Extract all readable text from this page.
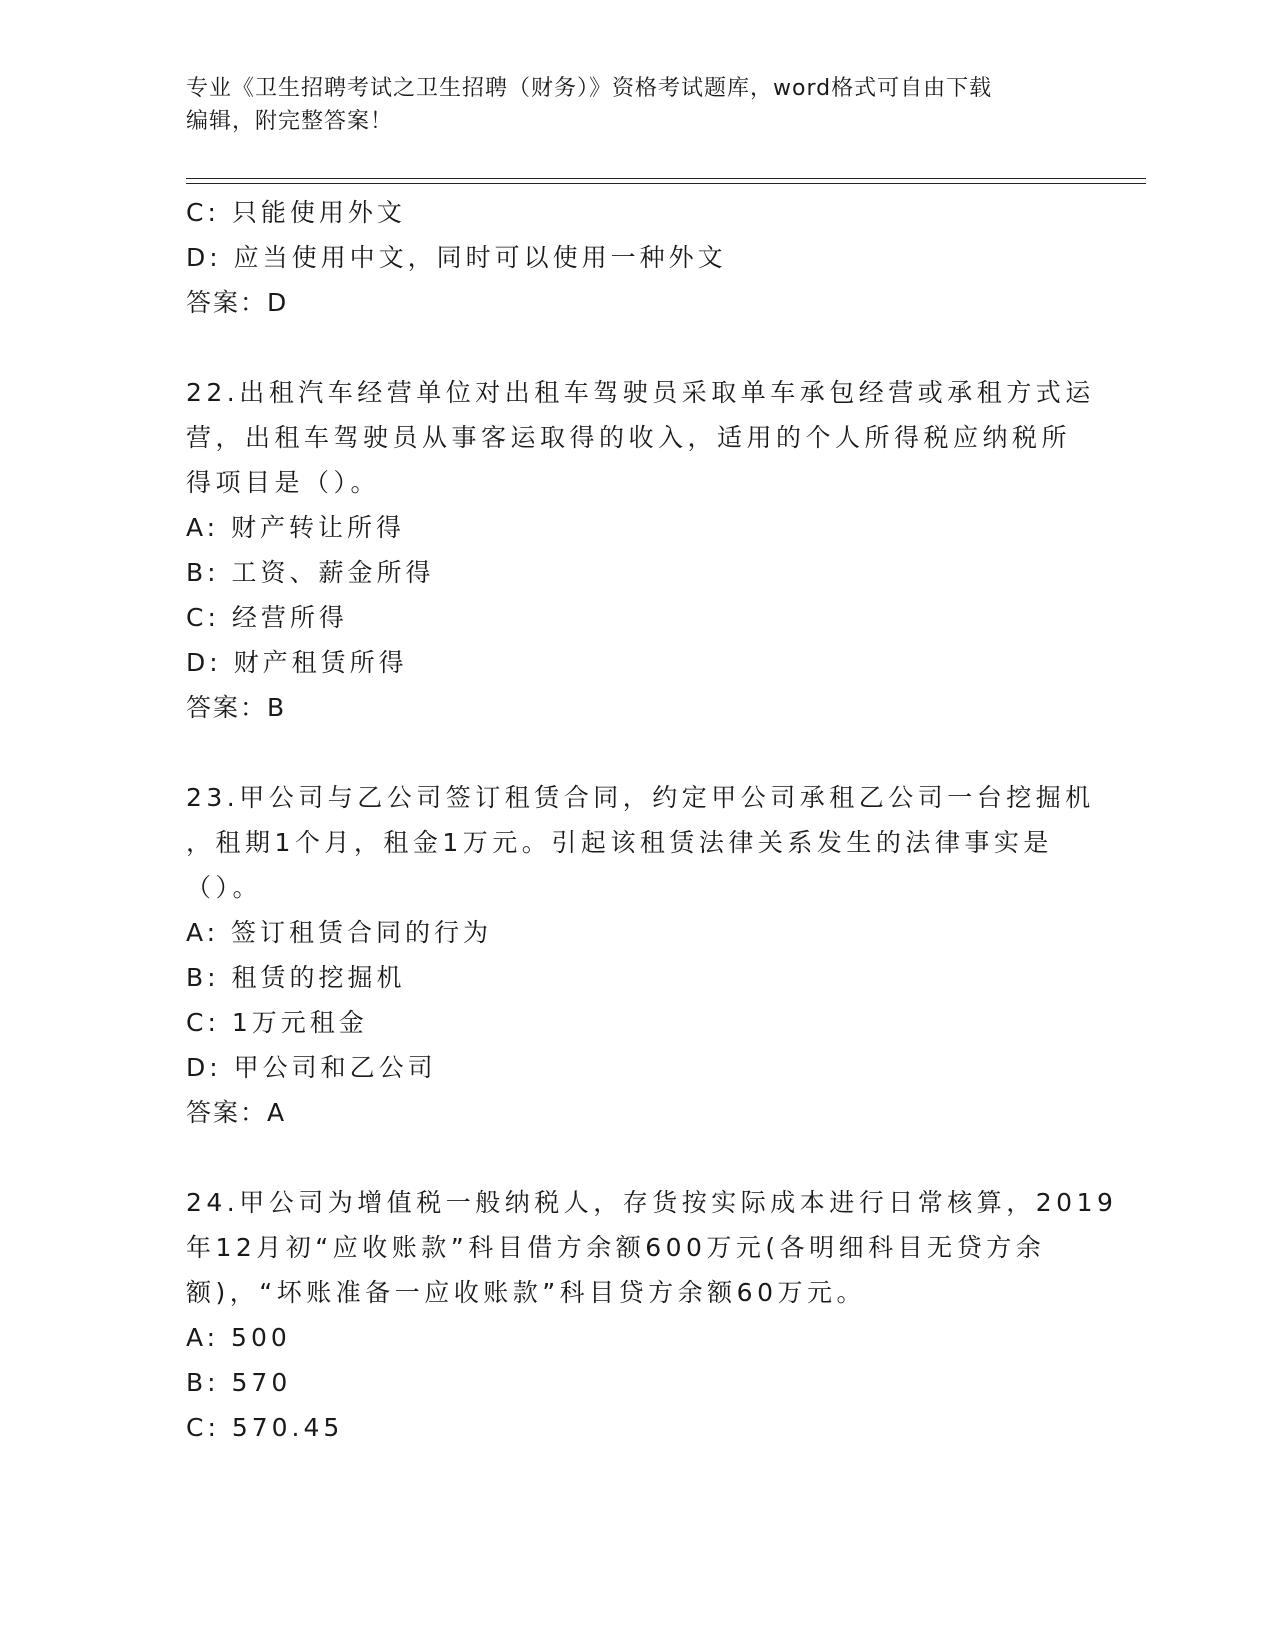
专业《卫生招聘考试之卫生招聘（财务）》资格考试题库，word格式可自由下载
编辑，附完整答案！
C: 只能使用外文
D: 应当使用中文，同时可以使用一种外文
答案：D
22.出租汽车经营单位对出租车驾驶员采取单车承包经营或承租方式运
营，出租车驾驶员从事客运取得的收入，适用的个人所得税应纳税所
得项目是（）。
A: 财产转让所得
B: 工资、薪金所得
C: 经营所得
D: 财产租赁所得
答案：B
23.甲公司与乙公司签订租赁合同，约定甲公司承租乙公司一台挖掘机
，租期1个月，租金1万元。引起该租赁法律关系发生的法律事实是
（）。
A: 签订租赁合同的行为
B: 租赁的挖掘机
C: 1万元租金
D: 甲公司和乙公司
答案：A
24.甲公司为增值税一般纳税人，存货按实际成本进行日常核算，2019
年12月初“应收账款”科目借方余额600万元(各明细科目无贷方余
额)，“坏账准备一应收账款”科目贷方余额60万元。
A: 500
B: 570
C: 570.45
